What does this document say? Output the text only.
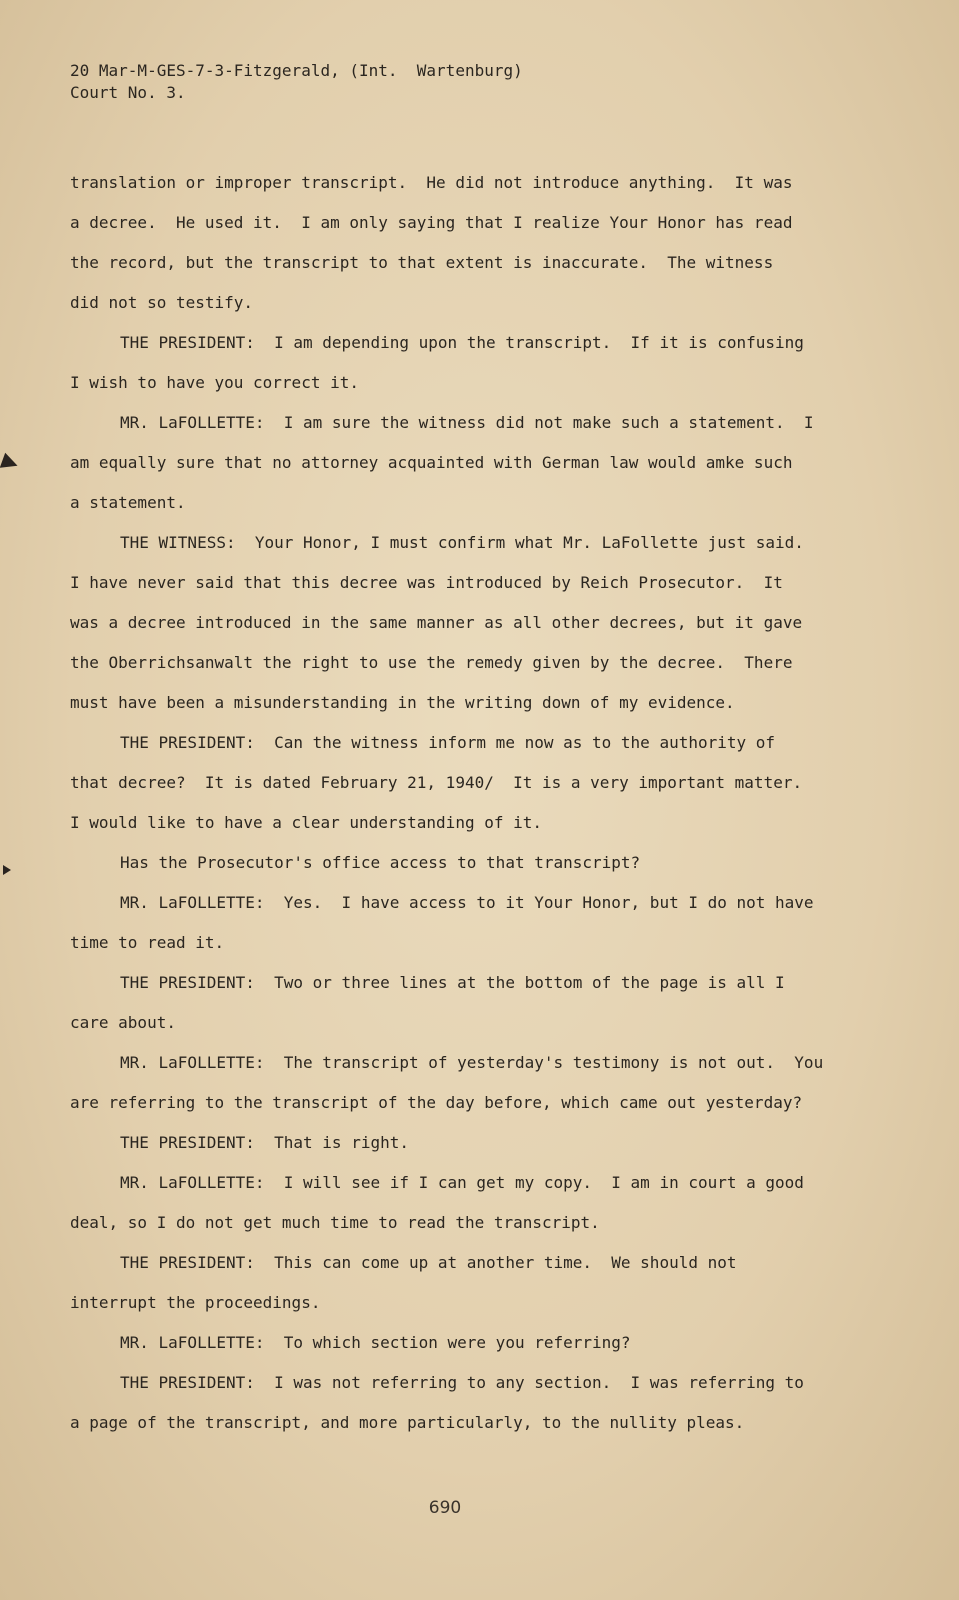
20 Mar-M-GES-7-3-Fitzgerald, (Int.  Wartenburg)
Court No. 3.
translation or improper transcript.  He did not introduce anything.  It was
a decree.  He used it.  I am only saying that I realize Your Honor has read
the record, but the transcript to that extent is inaccurate.  The witness
did not so testify.
THE PRESIDENT:  I am depending upon the transcript.  If it is confusing
I wish to have you correct it.
MR. LaFOLLETTE:  I am sure the witness did not make such a statement.  I
am equally sure that no attorney acquainted with German law would amke such
a statement.
THE WITNESS:  Your Honor, I must confirm what Mr. LaFollette just said.
I have never said that this decree was introduced by Reich Prosecutor.  It
was a decree introduced in the same manner as all other decrees, but it gave
the Oberrichsanwalt the right to use the remedy given by the decree.  There
must have been a misunderstanding in the writing down of my evidence.
THE PRESIDENT:  Can the witness inform me now as to the authority of
that decree?  It is dated February 21, 1940/  It is a very important matter.
I would like to have a clear understanding of it.
Has the Prosecutor's office access to that transcript?
MR. LaFOLLETTE:  Yes.  I have access to it Your Honor, but I do not have
time to read it.
THE PRESIDENT:  Two or three lines at the bottom of the page is all I
care about.
MR. LaFOLLETTE:  The transcript of yesterday's testimony is not out.  You
are referring to the transcript of the day before, which came out yesterday?
THE PRESIDENT:  That is right.
MR. LaFOLLETTE:  I will see if I can get my copy.  I am in court a good
deal, so I do not get much time to read the transcript.
THE PRESIDENT:  This can come up at another time.  We should not
interrupt the proceedings.
MR. LaFOLLETTE:  To which section were you referring?
THE PRESIDENT:  I was not referring to any section.  I was referring to
a page of the transcript, and more particularly, to the nullity pleas.
690
